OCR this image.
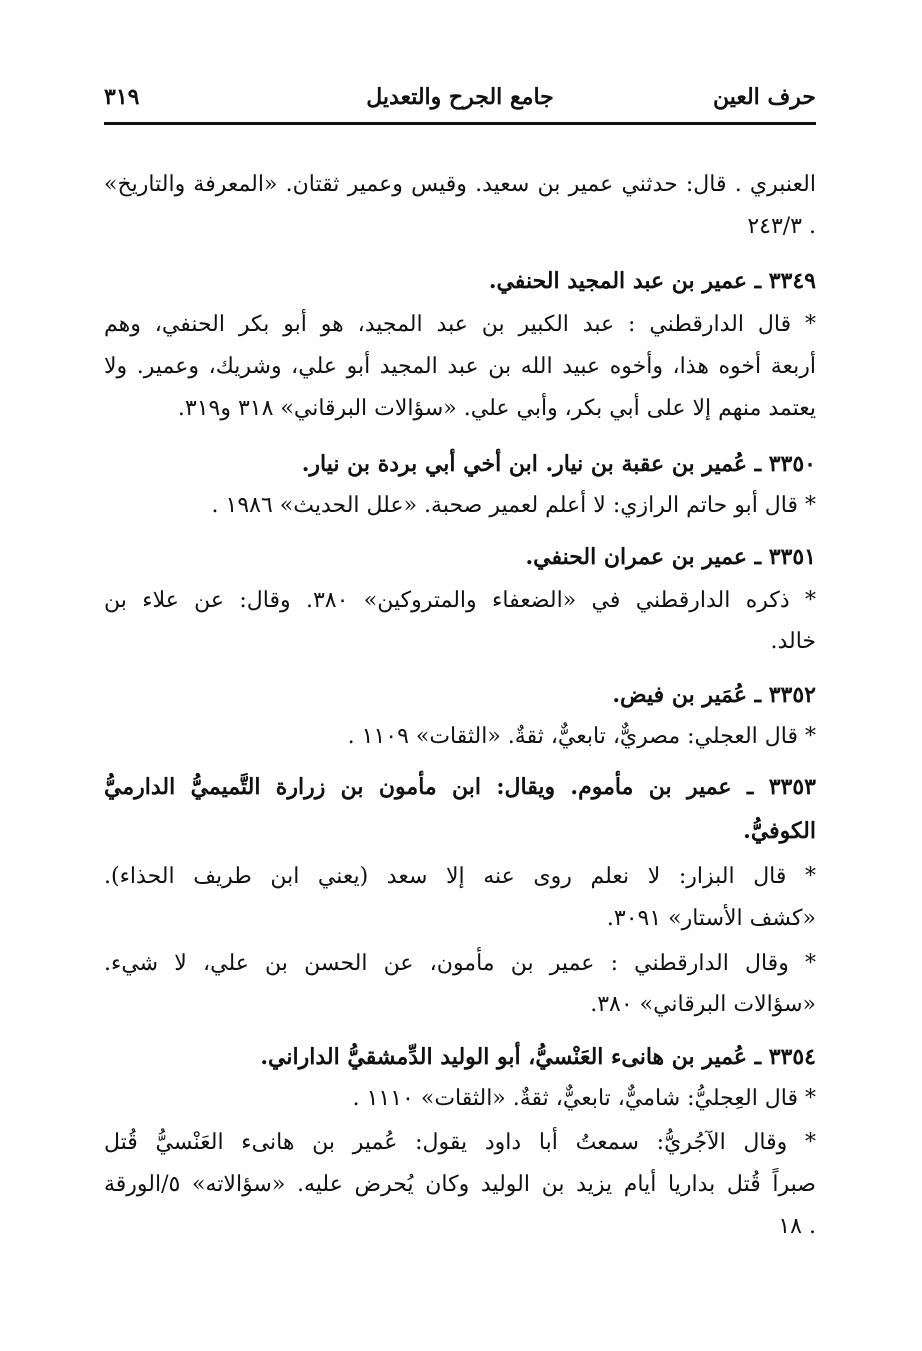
حرف العين
جامع الجرح والتعديل
٣١٩
العنبري . قال: حدثني عمير بن سعيد. وقيس وعمير ثقتان. «المعرفة والتاريخ»
. ٢٤٣/٣
٣٣٤٩ ـ عمير بن عبد المجيد الحنفي.
* قال الدارقطني : عبد الكبير بن عبد المجيد، هو أبو بكر الحنفي، وهم
أربعة أخوه هذا، وأخوه عبيد الله بن عبد المجيد أبو علي، وشريك، وعمير. ولا
يعتمد منهم إلا على أبي بكر، وأبي علي. «سؤالات البرقاني» ٣١٨ و٣١٩.
٣٣٥٠ ـ عُمير بن عقبة بن نيار. ابن أخي أبي بردة بن نيار.
* قال أبو حاتم الرازي: لا أعلم لعمير صحبة. «علل الحديث» ١٩٨٦ .
٣٣٥١ ـ عمير بن عمران الحنفي.
* ذكره الدارقطني في «الضعفاء والمتروكين» ٣٨٠. وقال: عن علاء بن
خالد.
٣٣٥٢ ـ عُمَير بن فيض.
* قال العجلي: مصريٌّ، تابعيٌّ، ثقةٌ. «الثقات» ١١٠٩ .
٣٣٥٣ ـ عمير بن مأموم. ويقال: ابن مأمون بن زرارة التَّميميُّ الدارميُّ
الكوفيُّ.
* قال البزار: لا نعلم روى عنه إلا سعد (يعني ابن طريف الحذاء).
«كشف الأستار» ٣٠٩١.
* وقال الدارقطني : عمير بن مأمون، عن الحسن بن علي، لا شيء.
«سؤالات البرقاني» ٣٨٠.
٣٣٥٤ ـ عُمير بن هانىء العَنْسيُّ، أبو الوليد الدِّمشقيُّ الداراني.
* قال العِجليُّ: شاميٌّ، تابعيٌّ، ثقةٌ. «الثقات» ١١١٠ .
* وقال الآجُريُّ: سمعتُ أبا داود يقول: عُمير بن هانىء العَنْسيُّ قُتل
صبراً قُتل بداريا أيام يزيد بن الوليد وكان يُحرض عليه. «سؤالاته» ٥/الورقة
. ١٨
